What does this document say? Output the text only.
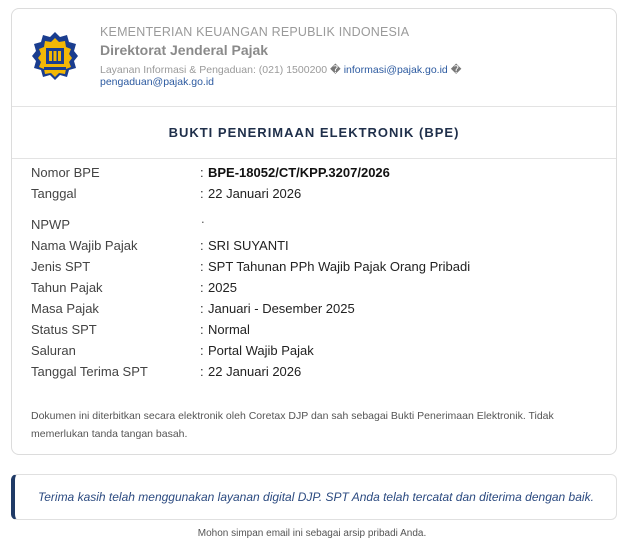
KEMENTERIAN KEUANGAN REPUBLIK INDONESIA
Direktorat Jenderal Pajak
Layanan Informasi & Pengaduan: (021) 1500200 � informasi@pajak.go.id � pengaduan@pajak.go.id
BUKTI PENERIMAAN ELEKTRONIK (BPE)
Nomor BPE	: BPE-18052/CT/KPP.3207/2026
Tanggal	: 22 Januari 2026
NPWP	.
Nama Wajib Pajak	: SRI SUYANTI
Jenis SPT	: SPT Tahunan PPh Wajib Pajak Orang Pribadi
Tahun Pajak	: 2025
Masa Pajak	: Januari - Desember 2025
Status SPT	: Normal
Saluran	: Portal Wajib Pajak
Tanggal Terima SPT	: 22 Januari 2026
Dokumen ini diterbitkan secara elektronik oleh Coretax DJP dan sah sebagai Bukti Penerimaan Elektronik. Tidak memerlukan tanda tangan basah.
Terima kasih telah menggunakan layanan digital DJP. SPT Anda telah tercatat dan diterima dengan baik.
Mohon simpan email ini sebagai arsip pribadi Anda.
